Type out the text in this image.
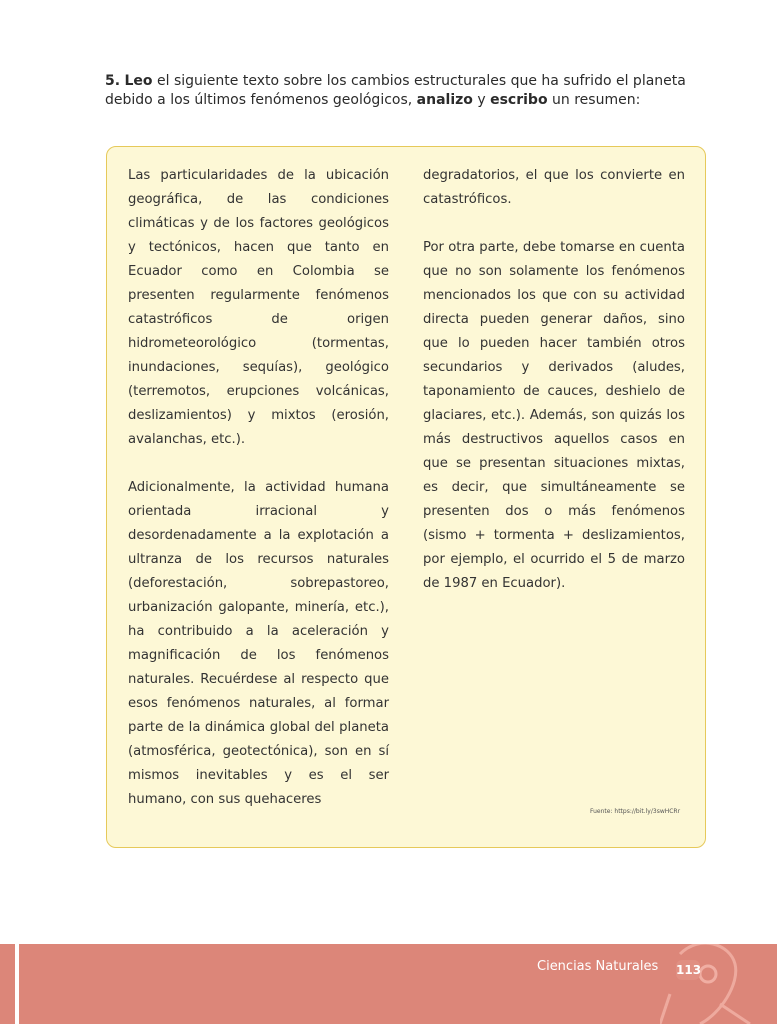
5. Leo el siguiente texto sobre los cambios estructurales que ha sufrido el planeta debido a los últimos fenómenos geológicos, analizo y escribo un resumen:

Las particularidades de la ubicación geográfica, de las condiciones climáticas y de los factores geológicos y tectónicos, hacen que tanto en Ecuador como en Colombia se presenten regularmente fenómenos catastróficos de origen hidrometeorológico (tormentas, inundaciones, sequías), geológico (terremotos, erupciones volcánicas, deslizamientos) y mixtos (erosión, avalanchas, etc.).

Adicionalmente, la actividad humana orientada irracional y desordenadamente a la explotación a ultranza de los recursos naturales (deforestación, sobrepastoreo, urbanización galopante, minería, etc.), ha contribuido a la aceleración y magnificación de los fenómenos naturales. Recuérdese al respecto que esos fenómenos naturales, al formar parte de la dinámica global del planeta (atmosférica, geotectónica), son en sí mismos inevitables y es el ser humano, con sus quehaceres

degradatorios, el que los convierte en catastróficos.

Por otra parte, debe tomarse en cuenta que no son solamente los fenómenos mencionados los que con su actividad directa pueden generar daños, sino que lo pueden hacer también otros secundarios y derivados (aludes, taponamiento de cauces, deshielo de glaciares, etc.). Además, son quizás los más destructivos aquellos casos en que se presentan situaciones mixtas, es decir, que simultáneamente se presenten dos o más fenómenos (sismo + tormenta + deslizamientos, por ejemplo, el ocurrido el 5 de marzo de 1987 en Ecuador).

Fuente: https://bit.ly/3swHCRr
Ciencias Naturales 113
